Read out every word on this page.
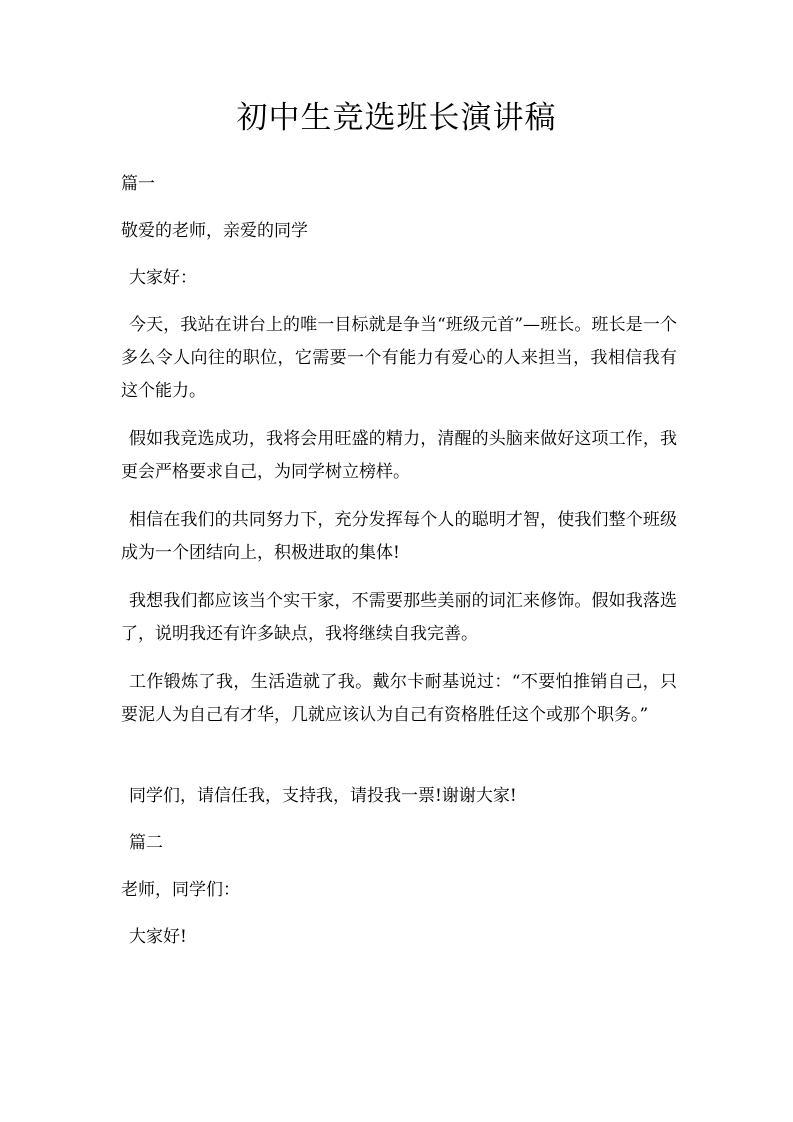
初中生竞选班长演讲稿

篇一

敬爱的老师，亲爱的同学

大家好：

今天，我站在讲台上的唯一目标就是争当“班级元首”—班长。班长是一个多么令人向往的职位，它需要一个有能力有爱心的人来担当，我相信我有这个能力。

假如我竞选成功，我将会用旺盛的精力，清醒的头脑来做好这项工作，我更会严格要求自己，为同学树立榜样。

相信在我们的共同努力下，充分发挥每个人的聪明才智，使我们整个班级成为一个团结向上，积极进取的集体!

我想我们都应该当个实干家，不需要那些美丽的词汇来修饰。假如我落选了，说明我还有许多缺点，我将继续自我完善。

工作锻炼了我，生活造就了我。戴尔卡耐基说过：“不要怕推销自己，只要泥人为自己有才华，几就应该认为自己有资格胜任这个或那个职务。”

同学们，请信任我，支持我，请投我一票!谢谢大家!

篇二

老师，同学们：

大家好!
